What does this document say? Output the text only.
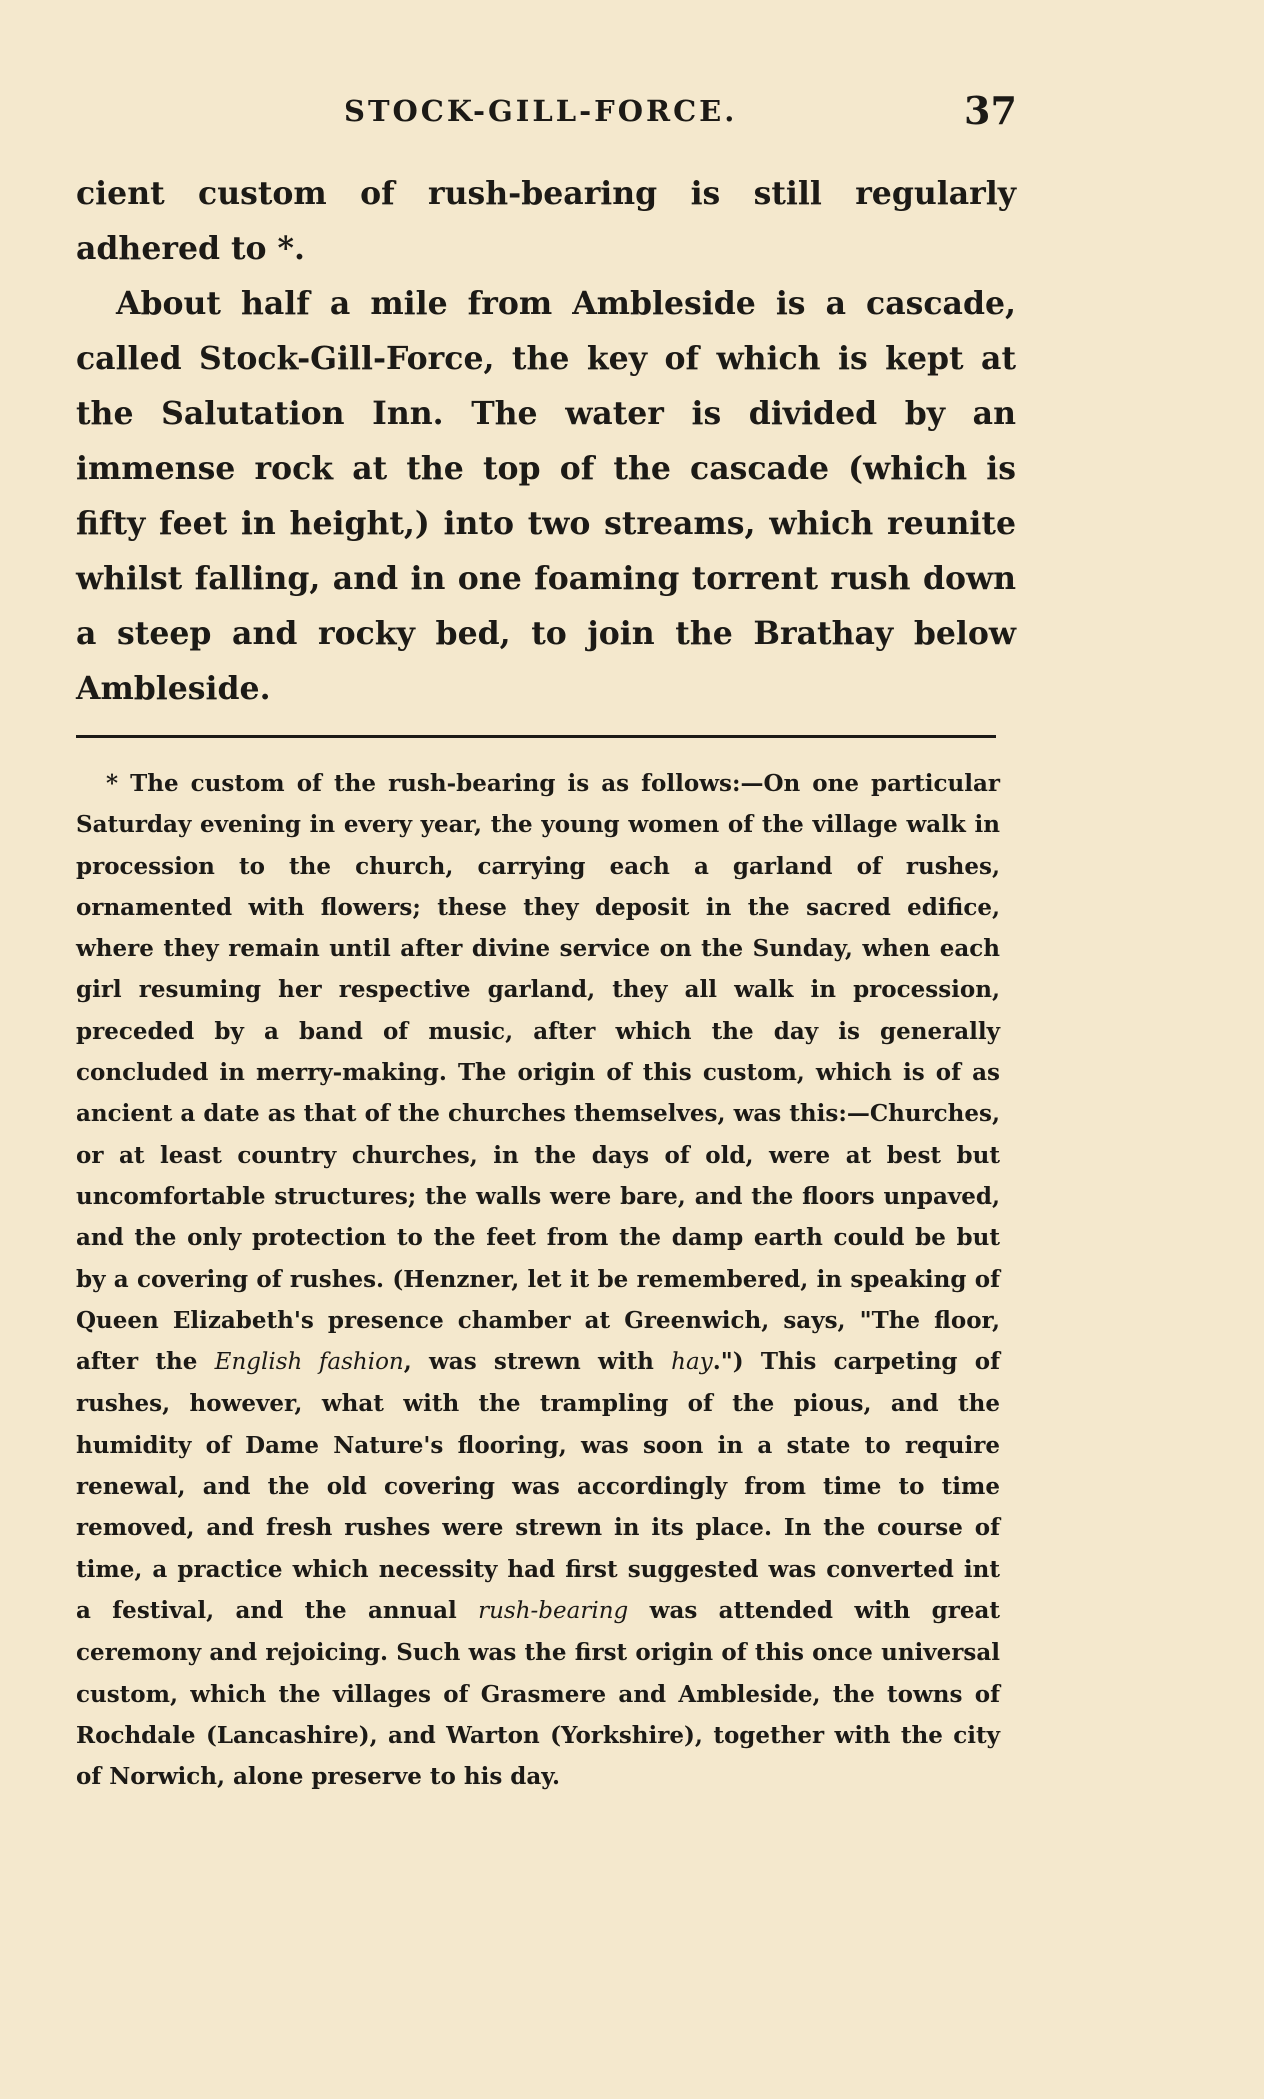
STOCK-GILL-FORCE.	37

cient custom of rush-bearing is still regularly adhered to *.

About half a mile from Ambleside is a cascade, called Stock-Gill-Force, the key of which is kept at the Salutation Inn. The water is divided by an immense rock at the top of the cascade (which is fifty feet in height,) into two streams, which reunite whilst falling, and in one foaming torrent rush down a steep and rocky bed, to join the Brathay below Ambleside.

* The custom of the rush-bearing is as follows:—On one particular Saturday evening in every year, the young women of the village walk in procession to the church, carrying each a garland of rushes, ornamented with flowers; these they deposit in the sacred edifice, where they remain until after divine service on the Sunday, when each girl resuming her respective garland, they all walk in procession, preceded by a band of music, after which the day is generally concluded in merry-making. The origin of this custom, which is of as ancient a date as that of the churches themselves, was this:—Churches, or at least country churches, in the days of old, were at best but uncomfortable structures; the walls were bare, and the floors unpaved, and the only protection to the feet from the damp earth could be but by a covering of rushes. (Henzner, let it be remembered, in speaking of Queen Elizabeth's presence chamber at Greenwich, says, "The floor, after the English fashion, was strewn with hay.") This carpeting of rushes, however, what with the trampling of the pious, and the humidity of Dame Nature's flooring, was soon in a state to require renewal, and the old covering was accordingly from time to time removed, and fresh rushes were strewn in its place. In the course of time, a practice which necessity had first suggested was converted int a festival, and the annual rush-bearing was attended with great ceremony and rejoicing. Such was the first origin of this once universal custom, which the villages of Grasmere and Ambleside, the towns of Rochdale (Lancashire), and Warton (Yorkshire), together with the city of Norwich, alone preserve to his day.
